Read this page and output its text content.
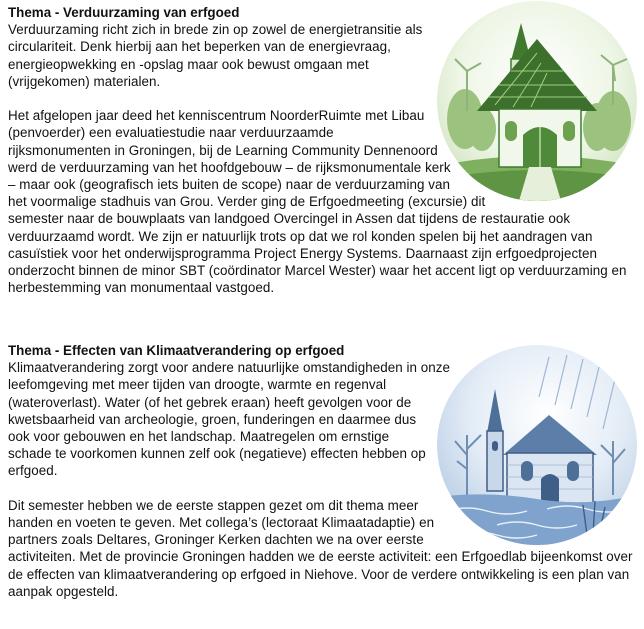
Thema - Verduurzaming van erfgoed

Verduurzaming richt zich in brede zin op zowel de energietransitie als circulariteit. Denk hierbij aan het beperken van de energievraag, energieopwekking en -opslag maar ook bewust omgaan met (vrijgekomen) materialen.

Het afgelopen jaar deed het kenniscentrum NoorderRuimte met Libau (penvoerder) een evaluatiestudie naar verduurzaamde rijksmonumenten in Groningen, bij de Learning Community Dennenoord werd de verduurzaming van het hoofdgebouw – de rijksmonumentale kerk – maar ook (geografisch iets buiten de scope) naar de verduurzaming van het voormalige stadhuis van Grou. Verder ging de Erfgoedmeeting (excursie) dit semester naar de bouwplaats van landgoed Overcingel in Assen dat tijdens de restauratie ook verduurzaamd wordt. We zijn er natuurlijk trots op dat we rol konden spelen bij het aandragen van casuïstiek voor het onderwijsprogramma Project Energy Systems. Daarnaast zijn erfgoedprojecten onderzocht binnen de minor SBT (coördinator Marcel Wester) waar het accent ligt op verduurzaming en herbestemming van monumentaal vastgoed.

Thema - Effecten van Klimaatverandering op erfgoed

Klimaatverandering zorgt voor andere natuurlijke omstandigheden in onze leefomgeving met meer tijden van droogte, warmte en regenval (wateroverlast). Water (of het gebrek eraan) heeft gevolgen voor de kwetsbaarheid van archeologie, groen, funderingen en daarmee dus ook voor gebouwen en het landschap. Maatregelen om ernstige schade te voorkomen kunnen zelf ook (negatieve) effecten hebben op erfgoed.

Dit semester hebben we de eerste stappen gezet om dit thema meer handen en voeten te geven. Met collega’s (lectoraat Klimaatadaptie) en partners zoals Deltares, Groninger Kerken dachten we na over eerste activiteiten. Met de provincie Groningen hadden we de eerste activiteit: een Erfgoedlab bijeenkomst over de effecten van klimaatverandering op erfgoed in Niehove. Voor de verdere ontwikkeling is een plan van aanpak opgesteld.
